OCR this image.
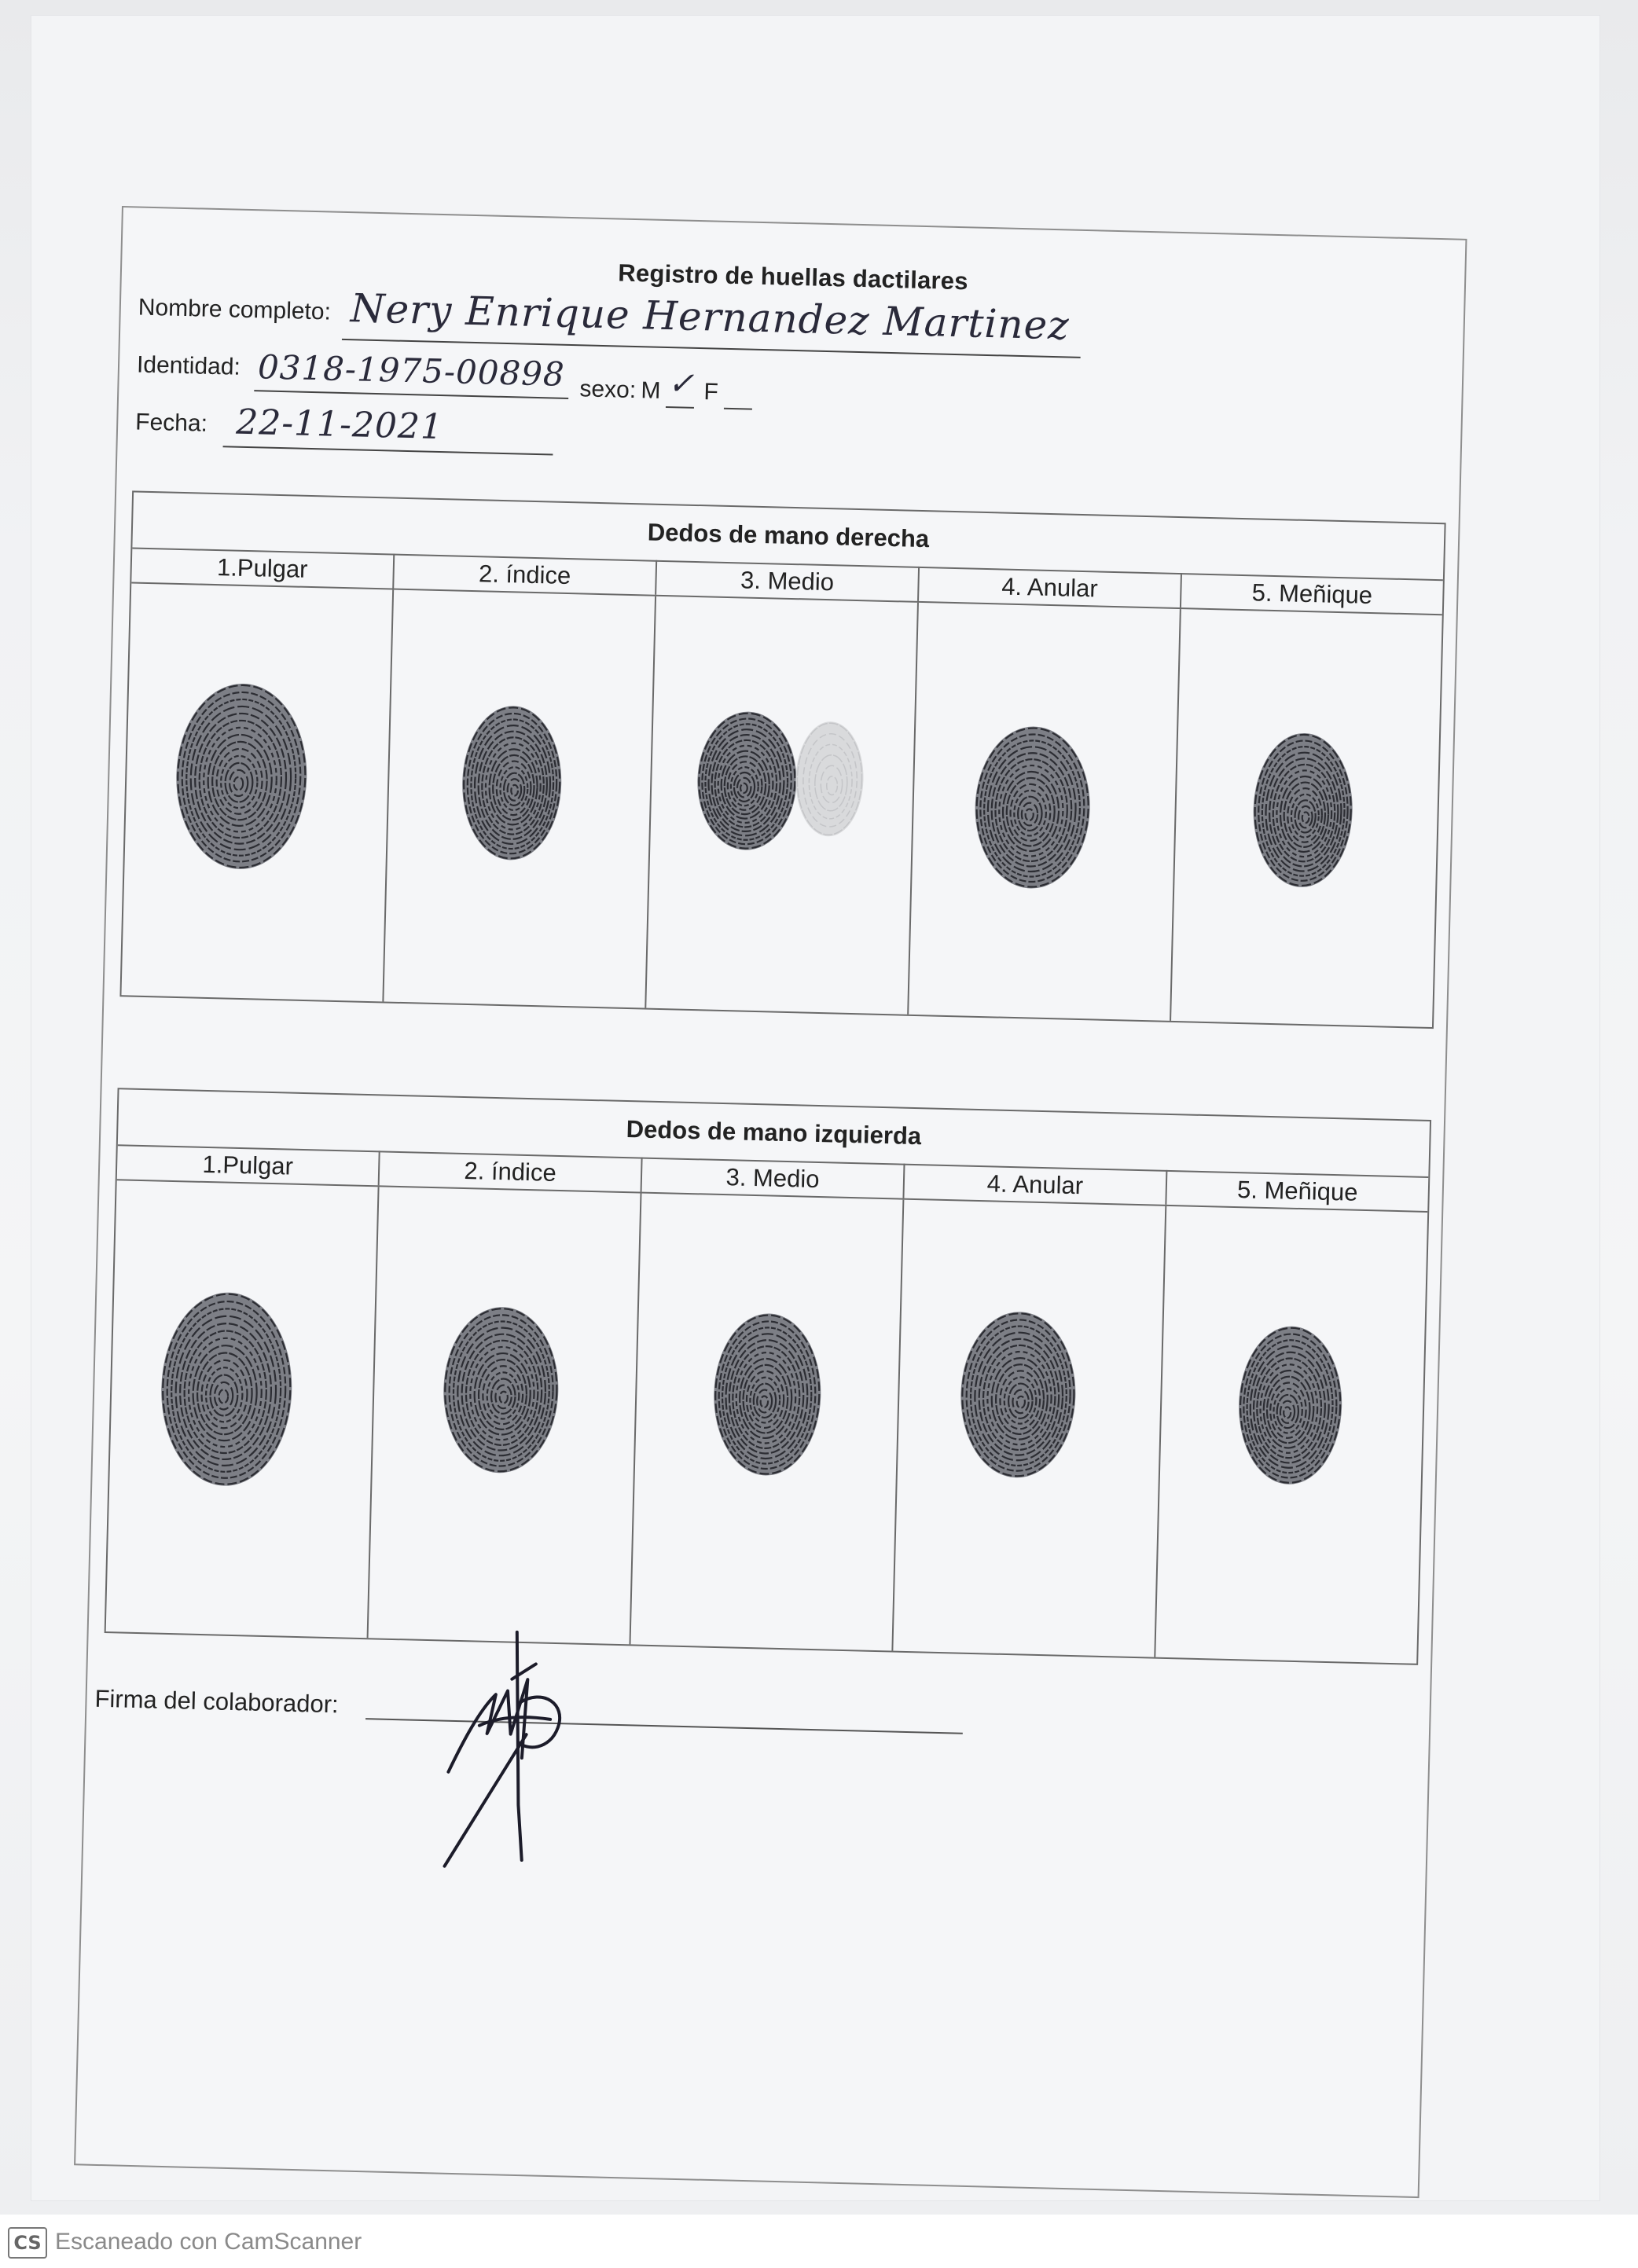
Registro de huellas dactilares
Nombre completo: Nery Enrique Hernandez Martinez
Identidad: 0318-1975-00898 sexo: M ✓ F
Fecha: 22-11-2021
Dedos de mano derecha
1.Pulgar	2. índice	3. Medio	4. Anular	5. Meñique
Dedos de mano izquierda
1.Pulgar	2. índice	3. Medio	4. Anular	5. Meñique
Firma del colaborador:
CS Escaneado con CamScanner
